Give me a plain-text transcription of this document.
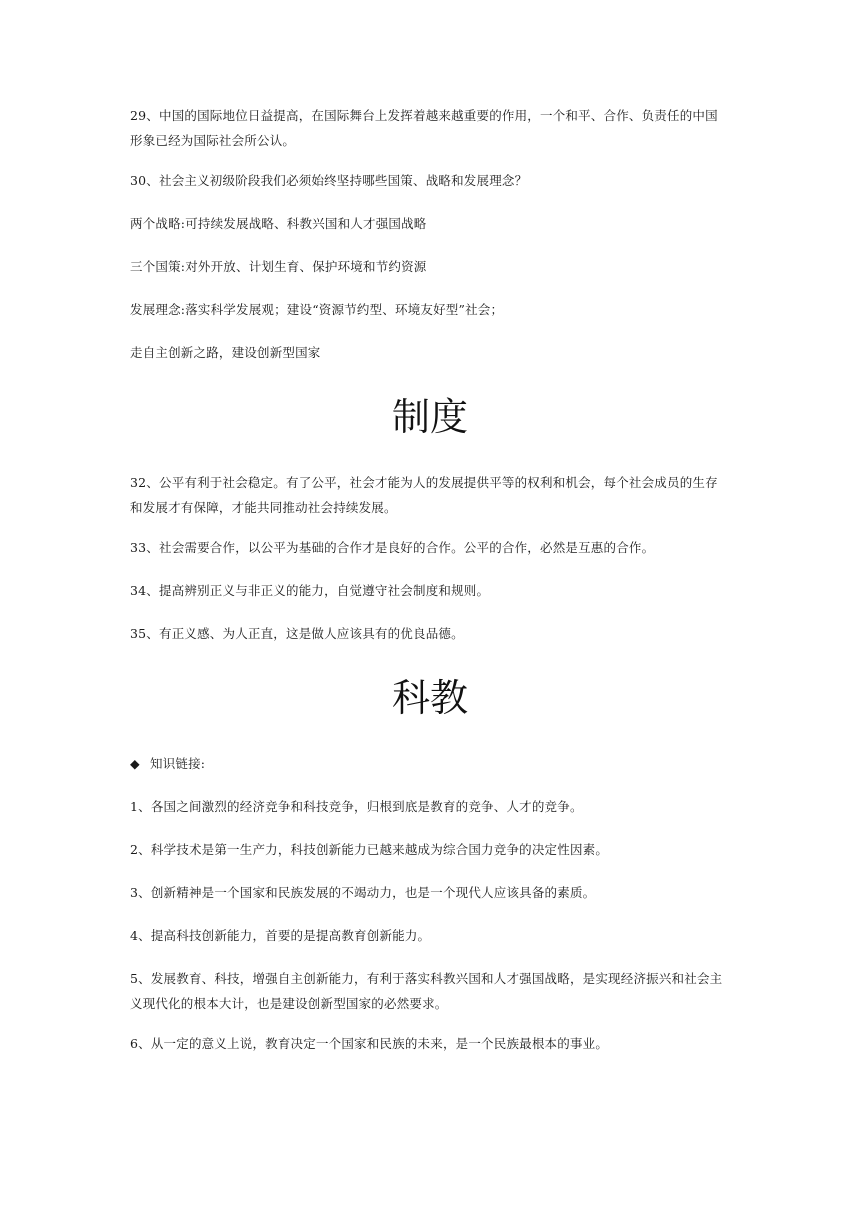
29、中国的国际地位日益提高，在国际舞台上发挥着越来越重要的作用，一个和平、合作、负责任的中国形象已经为国际社会所公认。

30、社会主义初级阶段我们必须始终坚持哪些国策、战略和发展理念？

两个战略:可持续发展战略、科教兴国和人才强国战略

三个国策:对外开放、计划生育、保护环境和节约资源

发展理念:落实科学发展观；建设“资源节约型、环境友好型”社会；

走自主创新之路，建设创新型国家

制度

32、公平有利于社会稳定。有了公平，社会才能为人的发展提供平等的权利和机会，每个社会成员的生存和发展才有保障，才能共同推动社会持续发展。

33、社会需要合作，以公平为基础的合作才是良好的合作。公平的合作，必然是互惠的合作。

34、提高辨别正义与非正义的能力，自觉遵守社会制度和规则。

35、有正义感、为人正直，这是做人应该具有的优良品德。

科教

◆ 知识链接:

1、各国之间激烈的经济竞争和科技竞争，归根到底是教育的竞争、人才的竞争。

2、科学技术是第一生产力，科技创新能力已越来越成为综合国力竞争的决定性因素。

3、创新精神是一个国家和民族发展的不竭动力，也是一个现代人应该具备的素质。

4、提高科技创新能力，首要的是提高教育创新能力。

5、发展教育、科技，增强自主创新能力，有利于落实科教兴国和人才强国战略，是实现经济振兴和社会主义现代化的根本大计，也是建设创新型国家的必然要求。

6、从一定的意义上说，教育决定一个国家和民族的未来，是一个民族最根本的事业。
